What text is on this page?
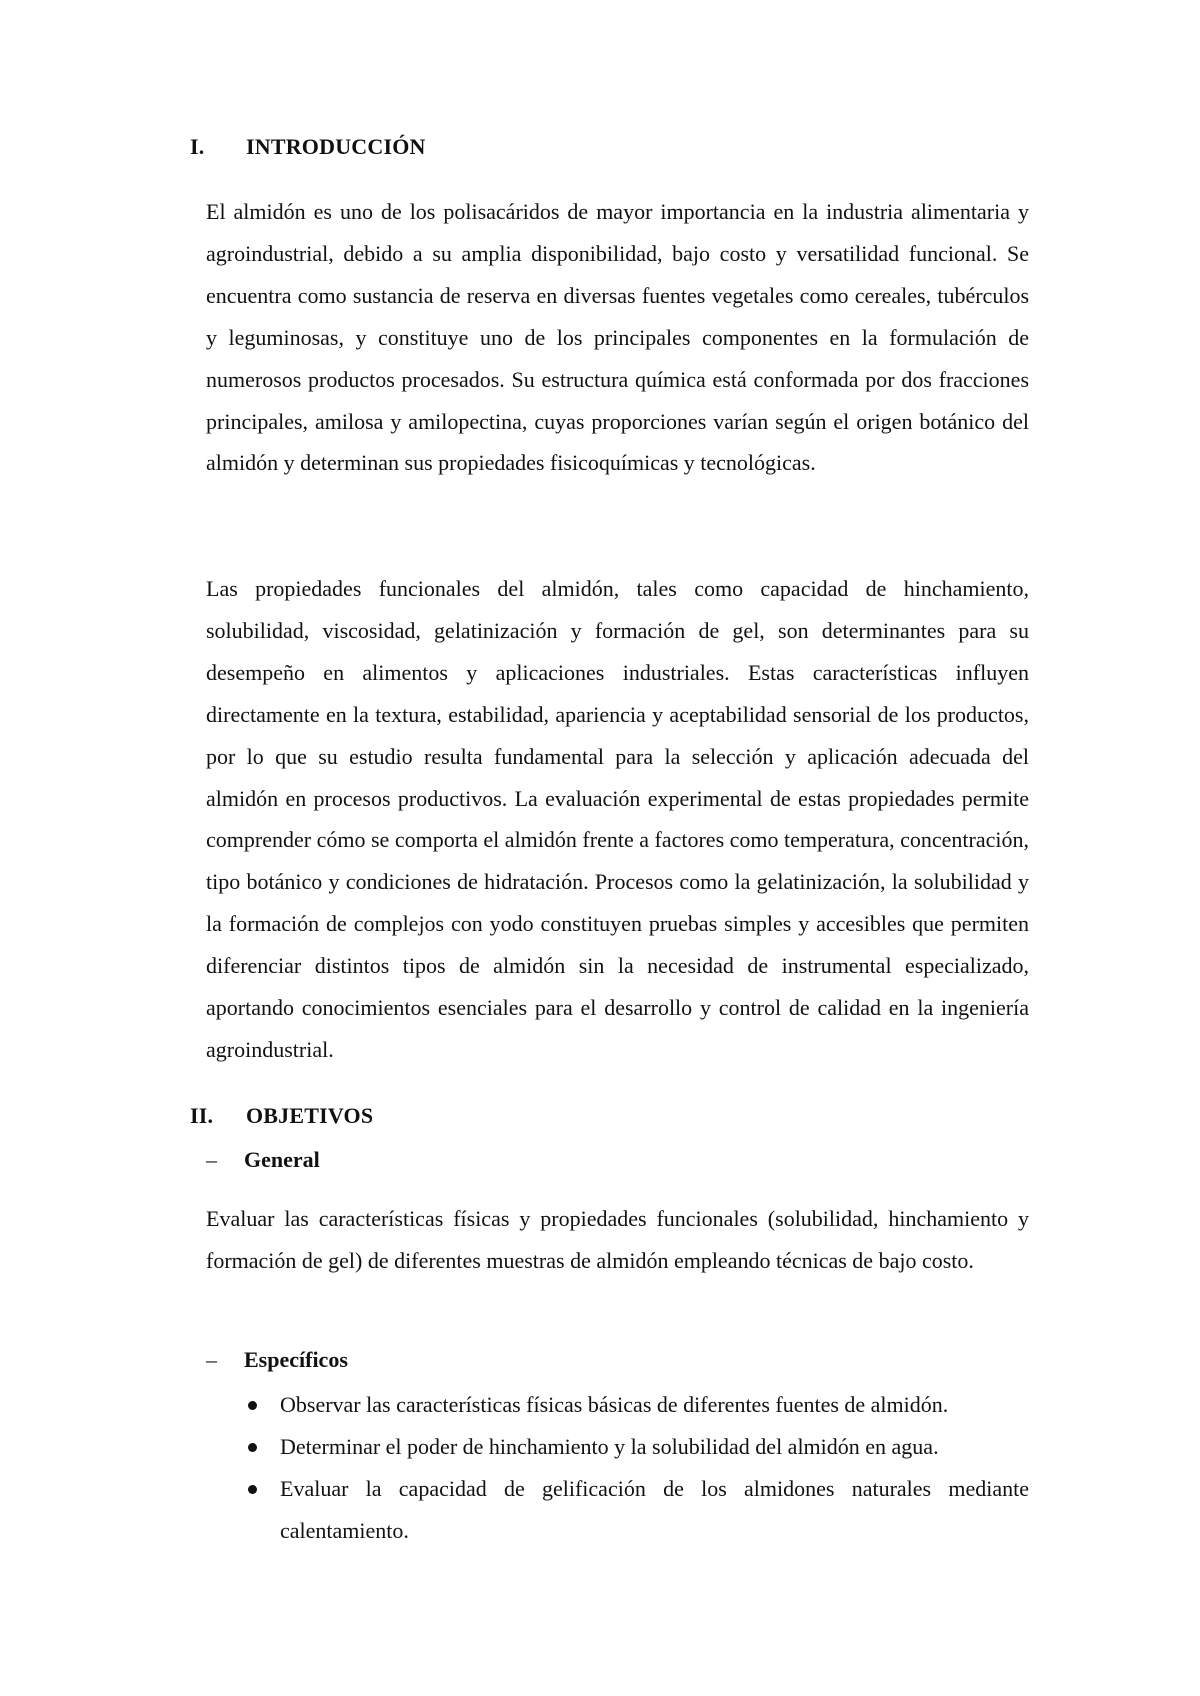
I. INTRODUCCIÓN

El almidón es uno de los polisacáridos de mayor importancia en la industria alimentaria y agroindustrial, debido a su amplia disponibilidad, bajo costo y versatilidad funcional. Se encuentra como sustancia de reserva en diversas fuentes vegetales como cereales, tubérculos y leguminosas, y constituye uno de los principales componentes en la formulación de numerosos productos procesados. Su estructura química está conformada por dos fracciones principales, amilosa y amilopectina, cuyas proporciones varían según el origen botánico del almidón y determinan sus propiedades fisicoquímicas y tecnológicas.

Las propiedades funcionales del almidón, tales como capacidad de hinchamiento, solubilidad, viscosidad, gelatinización y formación de gel, son determinantes para su desempeño en alimentos y aplicaciones industriales. Estas características influyen directamente en la textura, estabilidad, apariencia y aceptabilidad sensorial de los productos, por lo que su estudio resulta fundamental para la selección y aplicación adecuada del almidón en procesos productivos. La evaluación experimental de estas propiedades permite comprender cómo se comporta el almidón frente a factores como temperatura, concentración, tipo botánico y condiciones de hidratación. Procesos como la gelatinización, la solubilidad y la formación de complejos con yodo constituyen pruebas simples y accesibles que permiten diferenciar distintos tipos de almidón sin la necesidad de instrumental especializado, aportando conocimientos esenciales para el desarrollo y control de calidad en la ingeniería agroindustrial.

II. OBJETIVOS
– General

Evaluar las características físicas y propiedades funcionales (solubilidad, hinchamiento y formación de gel) de diferentes muestras de almidón empleando técnicas de bajo costo.

– Específicos
Observar las características físicas básicas de diferentes fuentes de almidón.
Determinar el poder de hinchamiento y la solubilidad del almidón en agua.
Evaluar la capacidad de gelificación de los almidones naturales mediante calentamiento.
